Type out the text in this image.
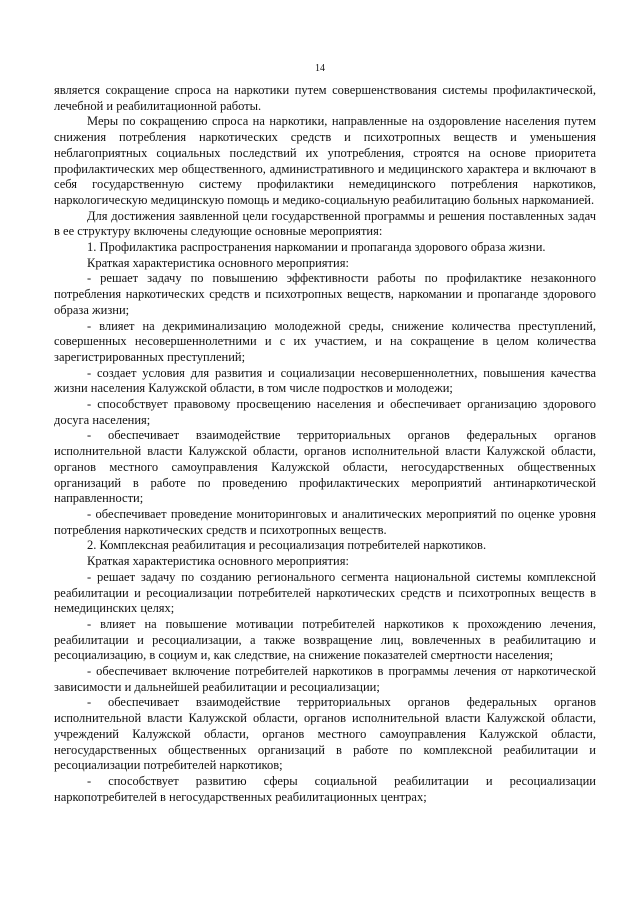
14

является сокращение спроса на наркотики путем совершенствования системы профилактической, лечебной и реабилитационной работы.

Меры по сокращению спроса на наркотики, направленные на оздоровление населения путем снижения потребления наркотических средств и психотропных веществ и уменьшения неблагоприятных социальных последствий их употребления, строятся на основе приоритета профилактических мер общественного, административного и медицинского характера и включают в себя государственную систему профилактики немедицинского потребления наркотиков, наркологическую медицинскую помощь и медико-социальную реабилитацию больных наркоманией.

Для достижения заявленной цели государственной программы и решения поставленных задач в ее структуру включены следующие основные мероприятия:

1. Профилактика распространения наркомании и пропаганда здорового образа жизни.

Краткая характеристика основного мероприятия:

- решает задачу по повышению эффективности работы по профилактике незаконного потребления наркотических средств и психотропных веществ, наркомании и пропаганде здорового образа жизни;

- влияет на декриминализацию молодежной среды, снижение количества преступлений, совершенных несовершеннолетними и с их участием, и на сокращение в целом количества зарегистрированных преступлений;

- создает условия для развития и социализации несовершеннолетних, повышения качества жизни населения Калужской области, в том числе подростков и молодежи;

- способствует правовому просвещению населения и обеспечивает организацию здорового досуга населения;

- обеспечивает взаимодействие территориальных органов федеральных органов исполнительной власти Калужской области, органов исполнительной власти Калужской области, органов местного самоуправления Калужской области, негосударственных общественных организаций в работе по проведению профилактических мероприятий антинаркотической направленности;

- обеспечивает проведение мониторинговых и аналитических мероприятий по оценке уровня потребления наркотических средств и психотропных веществ.

2. Комплексная реабилитация и ресоциализация потребителей наркотиков.

Краткая характеристика основного мероприятия:

- решает задачу по созданию регионального сегмента национальной системы комплексной реабилитации и ресоциализации потребителей наркотических средств и психотропных веществ в немедицинских целях;

- влияет на повышение мотивации потребителей наркотиков к прохождению лечения, реабилитации и ресоциализации, а также возвращение лиц, вовлеченных в реабилитацию и ресоциализацию, в социум и, как следствие, на снижение показателей смертности населения;

- обеспечивает включение потребителей наркотиков в программы лечения от наркотической зависимости и дальнейшей реабилитации и ресоциализации;

- обеспечивает взаимодействие территориальных органов федеральных органов исполнительной власти Калужской области, органов исполнительной власти Калужской области, учреждений Калужской области, органов местного самоуправления Калужской области, негосударственных общественных организаций в работе по комплексной реабилитации и ресоциализации потребителей наркотиков;

- способствует развитию сферы социальной реабилитации и ресоциализации наркопотребителей в негосударственных реабилитационных центрах;
